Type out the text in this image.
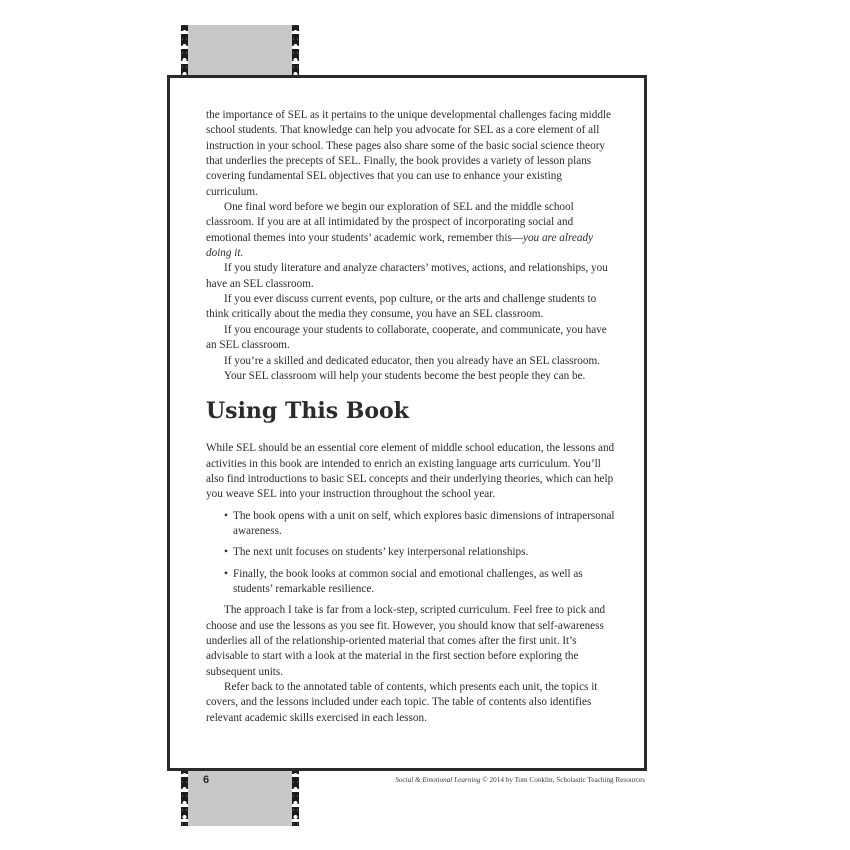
the importance of SEL as it pertains to the unique developmental challenges facing middle school students. That knowledge can help you advocate for SEL as a core element of all instruction in your school. These pages also share some of the basic social science theory that underlies the precepts of SEL. Finally, the book provides a variety of lesson plans covering fundamental SEL objectives that you can use to enhance your existing curriculum.

One final word before we begin our exploration of SEL and the middle school classroom. If you are at all intimidated by the prospect of incorporating social and emotional themes into your students’ academic work, remember this—you are already doing it.

If you study literature and analyze characters’ motives, actions, and relationships, you have an SEL classroom.

If you ever discuss current events, pop culture, or the arts and challenge students to think critically about the media they consume, you have an SEL classroom.

If you encourage your students to collaborate, cooperate, and communicate, you have an SEL classroom.

If you’re a skilled and dedicated educator, then you already have an SEL classroom.

Your SEL classroom will help your students become the best people they can be.

Using This Book

While SEL should be an essential core element of middle school education, the lessons and activities in this book are intended to enrich an existing language arts curriculum. You’ll also find introductions to basic SEL concepts and their underlying theories, which can help you weave SEL into your instruction throughout the school year.

• The book opens with a unit on self, which explores basic dimensions of intrapersonal awareness.
• The next unit focuses on students’ key interpersonal relationships.
• Finally, the book looks at common social and emotional challenges, as well as students’ remarkable resilience.

The approach I take is far from a lock-step, scripted curriculum. Feel free to pick and choose and use the lessons as you see fit. However, you should know that self-awareness underlies all of the relationship-oriented material that comes after the first unit. It’s advisable to start with a look at the material in the first section before exploring the subsequent units.

Refer back to the annotated table of contents, which presents each unit, the topics it covers, and the lessons included under each topic. The table of contents also identifies relevant academic skills exercised in each lesson.

6	Social & Emotional Learning © 2014 by Tom Conklin, Scholastic Teaching Resources
